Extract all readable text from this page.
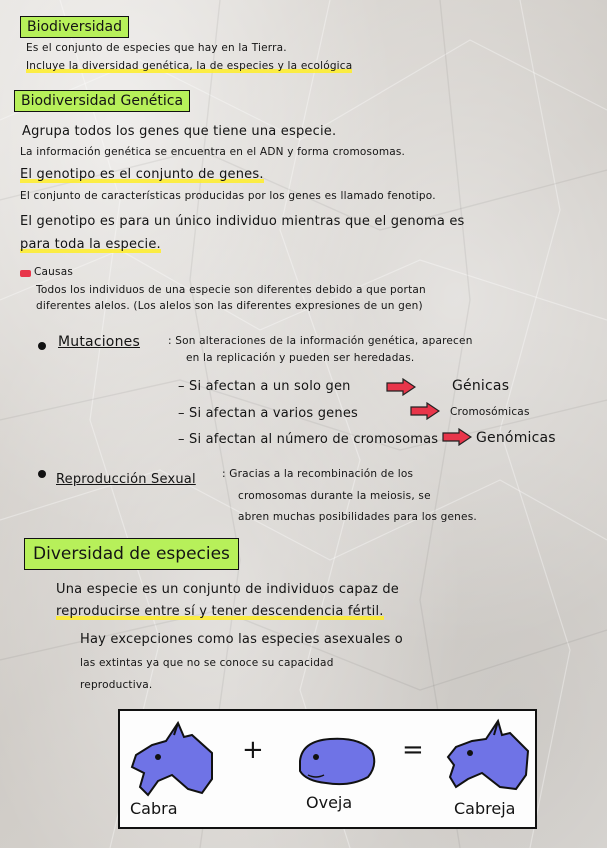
Biodiversidad
Es el conjunto de especies que hay en la Tierra.
Incluye la diversidad genética, la de especies y la ecológica
Biodiversidad Genética
Agrupa todos los genes que tiene una especie.
La información genética se encuentra en el ADN y forma cromosomas.
El genotipo es el conjunto de genes.
El conjunto de características producidas por los genes es llamado fenotipo.
El genotipo es para un único individuo mientras que el genoma es
para toda la especie.
Causas
Todos los individuos de una especie son diferentes debido a que portan
diferentes alelos. (Los alelos son las diferentes expresiones de un gen)
Mutaciones	: Son alteraciones de la información genética, aparecen
en la replicación y pueden ser heredadas.
– Si afectan a un solo gen	Génicas
– Si afectan a varios genes	Cromosómicas
– Si afectan al número de cromosomas	Genómicas
Reproducción Sexual : Gracias a la recombinación de los
cromosomas durante la meiosis, se
abren muchas posibilidades para los genes.
Diversidad de especies
Una especie es un conjunto de individuos capaz de
reproducirse entre sí y tener descendencia fértil.
Hay excepciones como las especies asexuales o
las extintas ya que no se conoce su capacidad
reproductiva.
+	=
Cabra	Oveja	Cabreja
